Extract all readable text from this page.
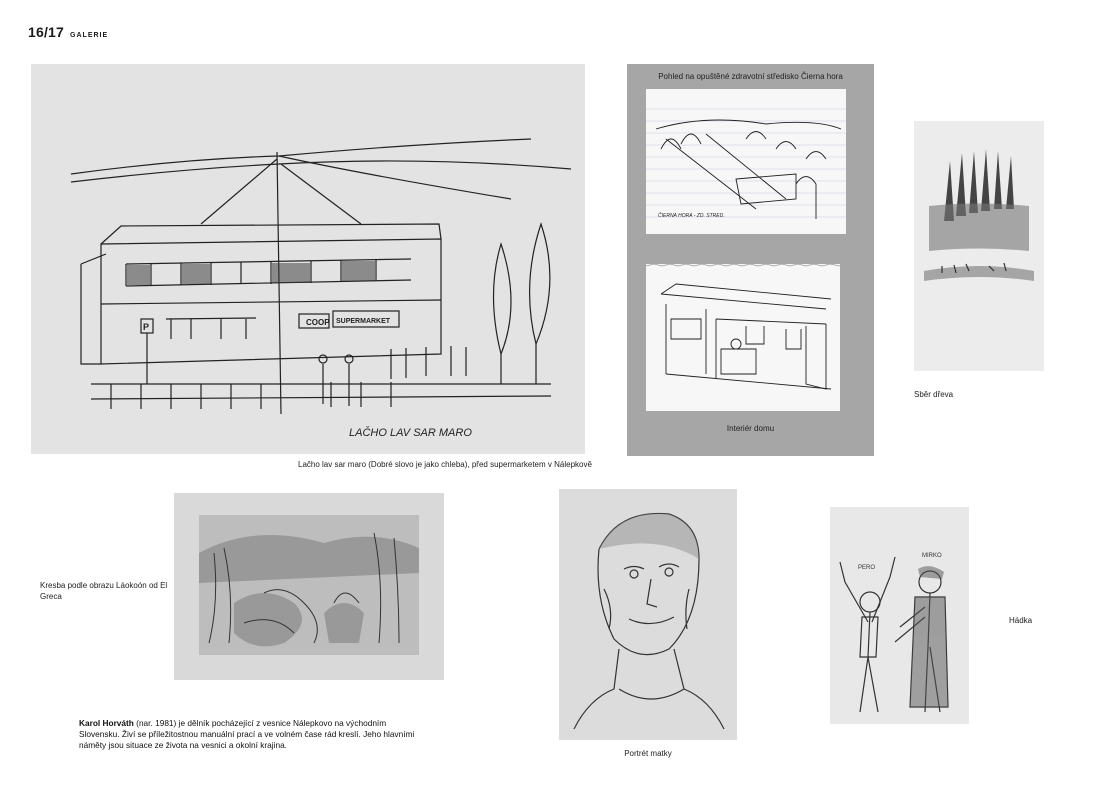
16/17 GALERIE
COOP SUPERMARKET
P
LAČHO LAV SAR MARO
Lačho lav sar maro (Dobré slovo je jako chleba), před supermarketem v Nálepkově
Pohled na opuštěné zdravotní středisko Čierna hora
ČIERNA HORA - ZD. STRED.
Interiér domu
Sběr dřeva
Kresba podle obrazu Láokoón od El Greca
Portrét matky
PERO
MIRKO
Hádka
Karol Horváth (nar. 1981) je dělník pocházející z vesnice Nálepkovo na východním Slovensku. Živí se příležitostnou manuální prací a ve volném čase rád kreslí. Jeho hlavními náměty jsou situace ze života na vesnici a okolní krajina.
